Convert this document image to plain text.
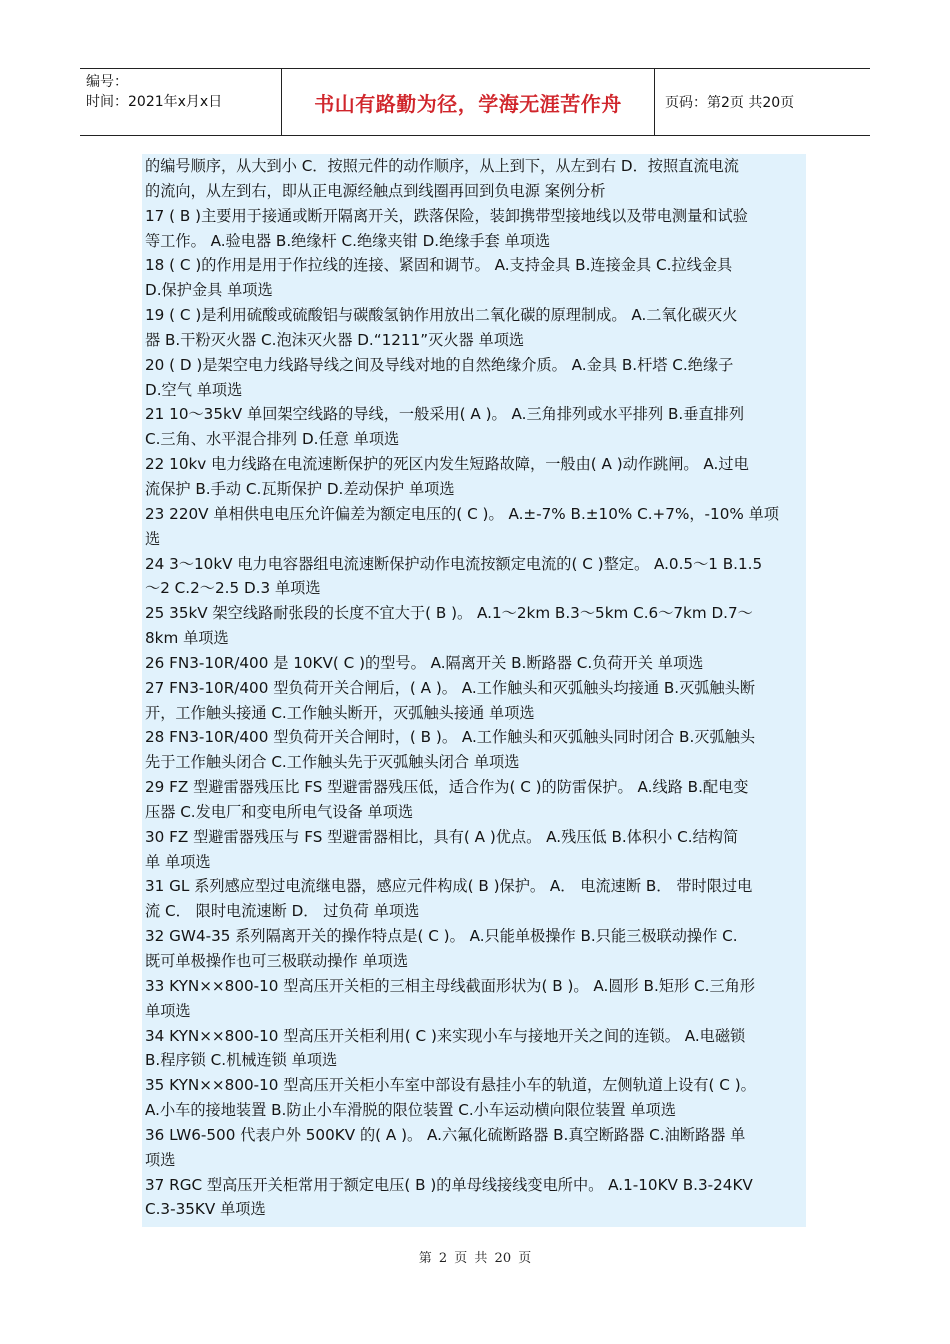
编号：
时间：2021年x月x日	书山有路勤为径，学海无涯苦作舟	页码：第2页 共20页
的编号顺序，从大到小 C．按照元件的动作顺序，从上到下，从左到右 D．按照直流电流
的流向，从左到右，即从正电源经触点到线圈再回到负电源 案例分析
17 ( B )主要用于接通或断开隔离开关，跌落保险，装卸携带型接地线以及带电测量和试验
等工作。 A.验电器 B.绝缘杆 C.绝缘夹钳 D.绝缘手套 单项选
18 ( C )的作用是用于作拉线的连接、紧固和调节。 A.支持金具 B.连接金具 C.拉线金具
D.保护金具 单项选
19 ( C )是利用硫酸或硫酸铝与碳酸氢钠作用放出二氧化碳的原理制成。 A.二氧化碳灭火
器 B.干粉灭火器 C.泡沫灭火器 D.“1211”灭火器 单项选
20 ( D )是架空电力线路导线之间及导线对地的自然绝缘介质。 A.金具 B.杆塔 C.绝缘子
D.空气 单项选
21 10～35kV 单回架空线路的导线，一般采用( A )。 A.三角排列或水平排列 B.垂直排列
C.三角、水平混合排列 D.任意 单项选
22 10kv 电力线路在电流速断保护的死区内发生短路故障，一般由( A )动作跳闸。 A.过电
流保护 B.手动 C.瓦斯保护 D.差动保护 单项选
23 220V 单相供电电压允许偏差为额定电压的( C )。 A.±-7% B.±10% C.+7%，-10% 单项
选
24 3～10kV 电力电容器组电流速断保护动作电流按额定电流的( C )整定。 A.0.5～1 B.1.5
～2 C.2～2.5 D.3 单项选
25 35kV 架空线路耐张段的长度不宜大于( B )。 A.1～2km B.3～5km C.6～7km D.7～
8km 单项选
26 FN3-10R/400 是 10KV( C )的型号。 A.隔离开关 B.断路器 C.负荷开关 单项选
27 FN3-10R/400 型负荷开关合闸后，( A )。 A.工作触头和灭弧触头均接通 B.灭弧触头断
开，工作触头接通 C.工作触头断开，灭弧触头接通 单项选
28 FN3-10R/400 型负荷开关合闸时，( B )。 A.工作触头和灭弧触头同时闭合 B.灭弧触头
先于工作触头闭合 C.工作触头先于灭弧触头闭合 单项选
29 FZ 型避雷器残压比 FS 型避雷器残压低，适合作为( C )的防雷保护。 A.线路 B.配电变
压器 C.发电厂和变电所电气设备 单项选
30 FZ 型避雷器残压与 FS 型避雷器相比，具有( A )优点。 A.残压低 B.体积小 C.结构简
单 单项选
31 GL 系列感应型过电流继电器，感应元件构成( B )保护。 A． 电流速断 B． 带时限过电
流 C． 限时电流速断 D． 过负荷 单项选
32 GW4-35 系列隔离开关的操作特点是( C )。 A.只能单极操作 B.只能三极联动操作 C.
既可单极操作也可三极联动操作 单项选
33 KYN××800-10 型高压开关柜的三相主母线截面形状为( B )。 A.圆形 B.矩形 C.三角形
单项选
34 KYN××800-10 型高压开关柜利用( C )来实现小车与接地开关之间的连锁。 A.电磁锁
B.程序锁 C.机械连锁 单项选
35 KYN××800-10 型高压开关柜小车室中部设有悬挂小车的轨道，左侧轨道上设有( C )。
A.小车的接地装置 B.防止小车滑脱的限位装置 C.小车运动横向限位装置 单项选
36 LW6-500 代表户外 500KV 的( A )。 A.六氟化硫断路器 B.真空断路器 C.油断路器 单
项选
37 RGC 型高压开关柜常用于额定电压( B )的单母线接线变电所中。 A.1-10KV B.3-24KV
C.3-35KV 单项选
第 2 页 共 20 页
